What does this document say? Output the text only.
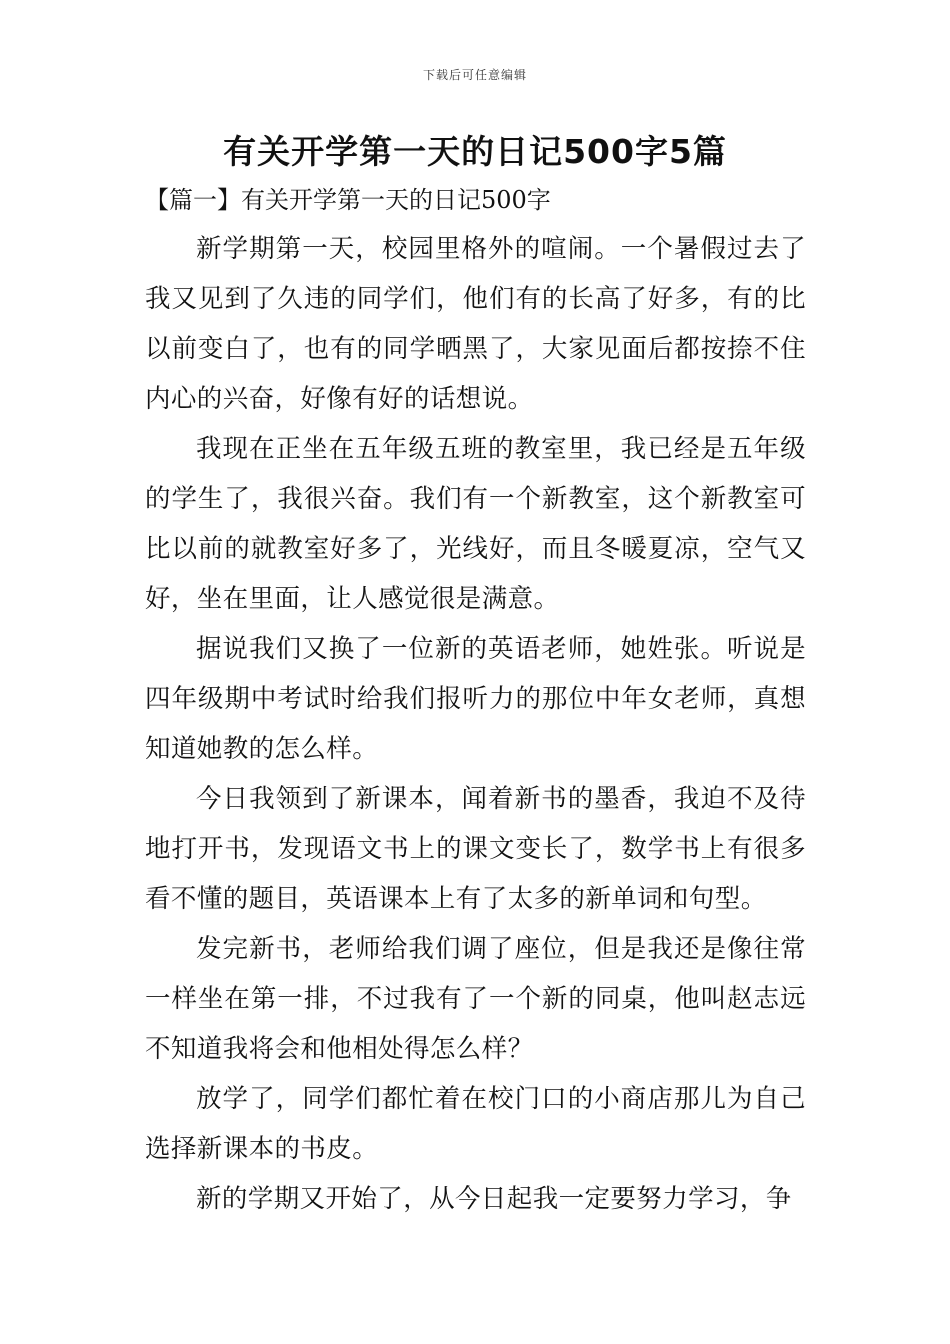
下载后可任意编辑
有关开学第一天的日记500字5篇
【篇一】有关开学第一天的日记500字

新学期第一天，校园里格外的喧闹。一个暑假过去了我又见到了久违的同学们，他们有的长高了好多，有的比以前变白了，也有的同学晒黑了，大家见面后都按捺不住内心的兴奋，好像有好的话想说。

我现在正坐在五年级五班的教室里，我已经是五年级的学生了，我很兴奋。我们有一个新教室，这个新教室可比以前的就教室好多了，光线好，而且冬暖夏凉，空气又好，坐在里面，让人感觉很是满意。

据说我们又换了一位新的英语老师，她姓张。听说是四年级期中考试时给我们报听力的那位中年女老师，真想知道她教的怎么样。

今日我领到了新课本，闻着新书的墨香，我迫不及待地打开书，发现语文书上的课文变长了，数学书上有很多看不懂的题目，英语课本上有了太多的新单词和句型。

发完新书，老师给我们调了座位，但是我还是像往常一样坐在第一排，不过我有了一个新的同桌，他叫赵志远不知道我将会和他相处得怎么样？

放学了，同学们都忙着在校门口的小商店那儿为自己选择新课本的书皮。

新的学期又开始了，从今日起我一定要努力学习，争
